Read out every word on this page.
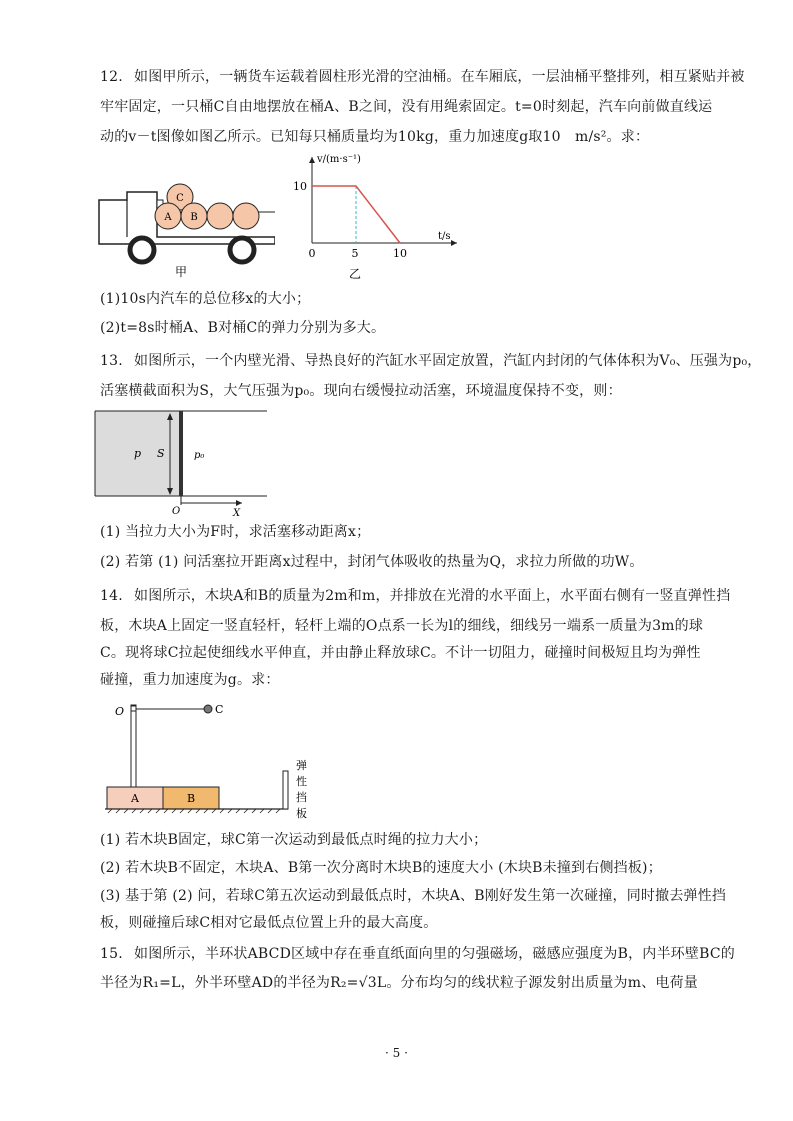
12. 如图甲所示，一辆货车运载着圆柱形光滑的空油桶。在车厢底，一层油桶平整排列，相互紧贴并被
牢牢固定，一只桶C自由地摆放在桶A、B之间，没有用绳索固定。t=0时刻起，汽车向前做直线运
动的v－t图像如图乙所示。已知每只桶质量均为10kg，重力加速度g取10　m/s²。求：
C
A B
甲
v/(m·s⁻¹)
t/s
10
0	5	10
乙
(1)10s内汽车的总位移x的大小；
(2)t=8s时桶A、B对桶C的弹力分别为多大。
13. 如图所示，一个内壁光滑、导热良好的汽缸水平固定放置，汽缸内封闭的气体体积为V₀、压强为p₀，
活塞横截面积为S，大气压强为p₀。现向右缓慢拉动活塞，环境温度保持不变，则：
p S	p₀
O	X
(1) 当拉力大小为F时，求活塞移动距离x；
(2) 若第 (1) 问活塞拉开距离x过程中，封闭气体吸收的热量为Q，求拉力所做的功W。
14. 如图所示，木块A和B的质量为2m和m，并排放在光滑的水平面上，水平面右侧有一竖直弹性挡
板，木块A上固定一竖直轻杆，轻杆上端的O点系一长为l的细线，细线另一端系一质量为3m的球
C。现将球C拉起使细线水平伸直，并由静止释放球C。不计一切阻力，碰撞时间极短且均为弹性
碰撞，重力加速度为g。求：
O	C
A	B
弹
性
挡
板
(1) 若木块B固定，球C第一次运动到最低点时绳的拉力大小；
(2) 若木块B不固定，木块A、B第一次分离时木块B的速度大小 (木块B未撞到右侧挡板)；
(3) 基于第 (2) 问，若球C第五次运动到最低点时，木块A、B刚好发生第一次碰撞，同时撤去弹性挡
板，则碰撞后球C相对它最低点位置上升的最大高度。
15. 如图所示，半环状ABCD区域中存在垂直纸面向里的匀强磁场，磁感应强度为B，内半环壁BC的
半径为R₁=L，外半环壁AD的半径为R₂=√3L。分布均匀的线状粒子源发射出质量为m、电荷量
· 5 ·
